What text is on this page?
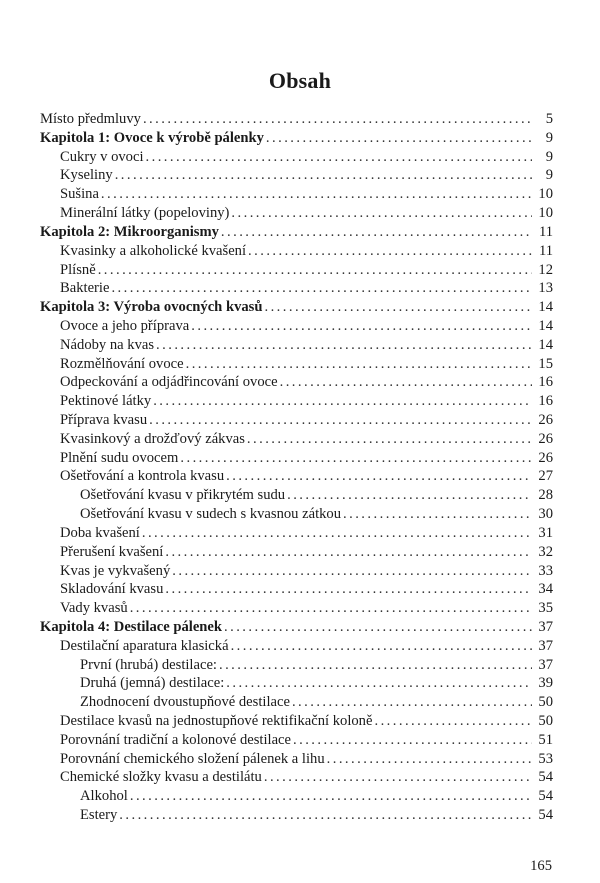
Obsah
Místo předmluvy . . .	5
Kapitola 1: Ovoce k výrobě pálenky . . .	9
Cukry v ovoci . . .	9
Kyseliny . . .	9
Sušina . . .	10
Minerální látky (popeloviny) . . .	10
Kapitola 2: Mikroorganismy . . .	11
Kvasinky a alkoholické kvašení . . .	11
Plísně . . .	12
Bakterie . . .	13
Kapitola 3: Výroba ovocných kvasů . . .	14
Ovoce a jeho příprava . . .	14
Nádoby na kvas . . .	14
Rozmělňování ovoce . . .	15
Odpeckování a odjádřincování ovoce . . .	16
Pektinové látky . . .	16
Příprava kvasu . . .	26
Kvasinkový a drožďový zákvas . . .	26
Plnění sudu ovocem . . .	26
Ošetřování a kontrola kvasu . . .	27
Ošetřování kvasu v přikrytém sudu . . .	28
Ošetřování kvasu v sudech s kvasnou zátkou . . .	30
Doba kvašení . . .	31
Přerušení kvašení . . .	32
Kvas je vykvašený . . .	33
Skladování kvasu . . .	34
Vady kvasů . . .	35
Kapitola 4: Destilace pálenek . . .	37
Destilační aparatura klasická . . .	37
První (hrubá) destilace: . . .	37
Druhá (jemná) destilace: . . .	39
Zhodnocení dvoustupňové destilace . . .	50
Destilace kvasů na jednostupňové rektifikační koloně . . .	50
Porovnání tradiční a kolonové destilace . . .	51
Porovnání chemického složení pálenek a lihu . . .	53
Chemické složky kvasu a destilátu . . .	54
Alkohol . . .	54
Estery . . .	54
165
